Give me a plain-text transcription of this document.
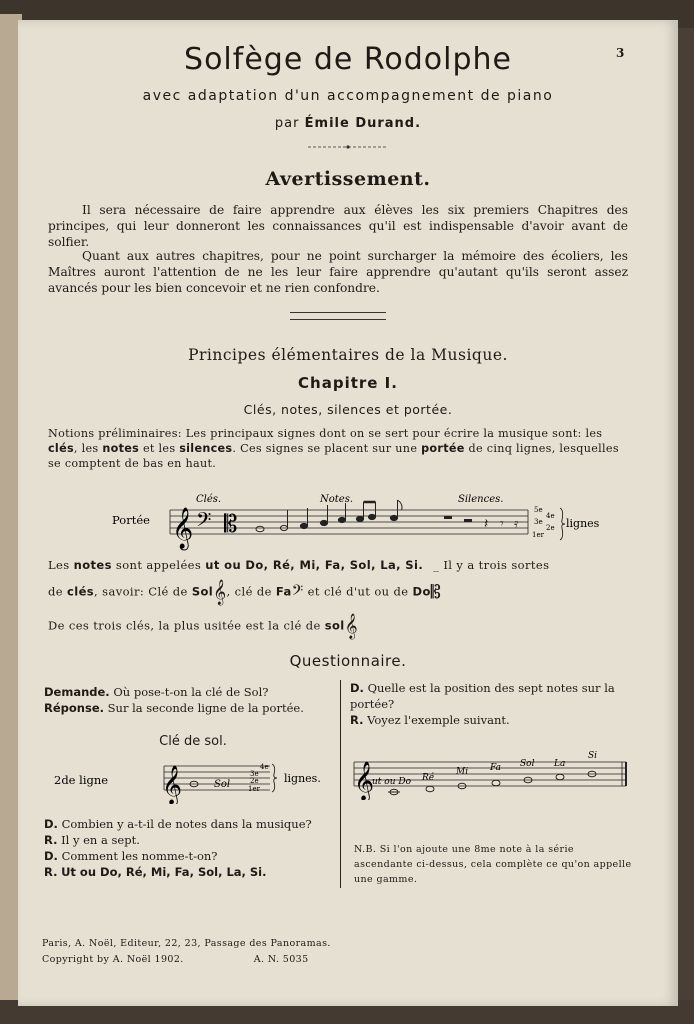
Solfège de Rodolphe	3
avec adaptation d'un accompagnement de piano
par Émile Durand.
Avertissement.
Il sera nécessaire de faire apprendre aux élèves les six premiers Chapitres des principes, qui leur donneront les connaissances qu'il est indispensable d'avoir avant de solfier.
Quant aux autres chapitres, pour ne point surcharger la mémoire des écoliers, les Maîtres auront l'attention de ne les leur faire apprendre qu'autant qu'ils seront assez avancés pour les bien concevoir et ne rien confondre.
Principes élémentaires de la Musique.
Chapitre I.
Clés, notes, silences et portée.
Notions préliminaires: Les principaux signes dont on se sert pour écrire la musique sont: les clés, les notes et les silences. Ces signes se placent sur une portée de cinq lignes, lesquelles se comptent de bas en haut.
Portée
Clés.	Notes.	Silences.
𝄞 𝄢 𝄡	𝄽 𝄾 𝄿
5e
4e
3e
2e
1er
lignes
Les notes sont appelées ut ou Do, Ré, Mi, Fa, Sol, La, Si. _ Il y a trois sortes
de clés, savoir: Clé de Sol𝄞, clé de Fa𝄢 et clé d'ut ou de Do𝄡
De ces trois clés, la plus usitée est la clé de sol𝄞
Questionnaire.
Demande. Où pose-t-on la clé de Sol?
Réponse. Sur la seconde ligne de la portée.
Clé de sol.
2de ligne 𝄞	Sol
4e
3e
2e
1er
lignes.
D. Combien y a-t-il de notes dans la musique?
R. Il y en a sept.
D. Comment les nomme-t-on?
R. Ut ou Do, Ré, Mi, Fa, Sol, La, Si.
D. Quelle est la position des sept notes sur la portée?
R. Voyez l'exemple suivant.
𝄞
ut ou Do Ré
Mi Fa Sol La
Si
N.B. Si l'on ajoute une 8me note à la série ascendante ci-dessus, cela complète ce qu'on appelle une gamme.
Paris, A. Noël, Editeur, 22, 23, Passage des Panoramas.
Copyright by A. Noël 1902.	A. N. 5035
